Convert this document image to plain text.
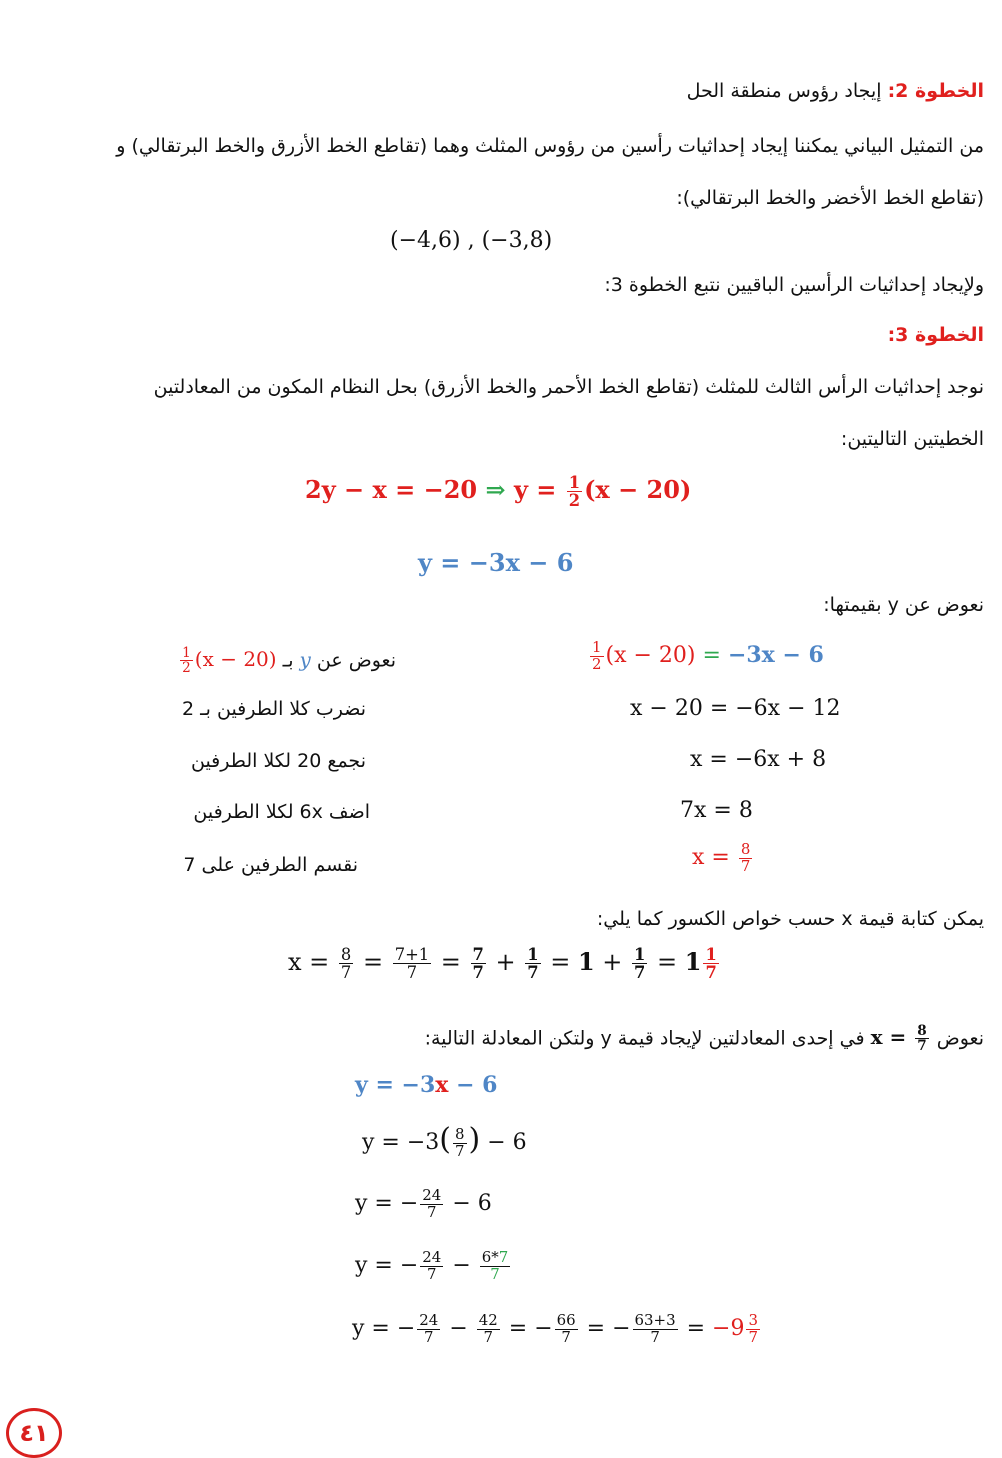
الخطوة 2: إيجاد رؤوس منطقة الحل
من التمثيل البياني يمكننا إيجاد إحداثيات رأسين من رؤوس المثلث وهما (تقاطع الخط الأزرق والخط البرتقالي) و
(تقاطع الخط الأخضر والخط البرتقالي):
(−4,6) , (−3,8)
ولإيجاد إحداثيات الرأسين الباقيين نتبع الخطوة 3:
الخطوة 3:
نوجد إحداثيات الرأس الثالث للمثلث (تقاطع الخط الأحمر والخط الأزرق) بحل النظام المكون من المعادلتين
الخطيتين التاليتين:
2y − x = −20 ⇒ $y = \frac{1}{2} (x - 20)$
y = −3x − 6
نعوض عن y بقيمتها:
نعوض عن y بـ
$\frac{1}{2} (x - 20)$	$\frac{1}{2} (x - 20) = -3x - 6$
نضرب كلا الطرفين بـ 2	x − 20 = −6x − 12
نجمع 20 لكلا الطرفين	x = −6x + 8
اضف 6x لكلا الطرفين	7x = 8
نقسم الطرفين على 7	$x = \frac{8}{7}$
يمكن كتابة قيمة x حسب خواص الكسور كما يلي:
$x = \frac{8}{7} = \frac{7+1}{7} = \frac{7}{7} + \frac{1}{7} = 1 + \frac{1}{7} = 1 \frac{1}{7}$
نعوض $x = \frac{8}{7}$
في إحدى المعادلتين لإيجاد قيمة y ولتكن المعادلة التالية:
y = −3x − 6
$y = -3( \frac{8}{7}$ ) − 6
y = − $\frac{24}{7} - 6$
y = − $\frac{24}{7} - \frac{6*7}{7}$
y = − $\frac{24}{7} - \frac{42}{7}$ = − $\frac{66}{7}$ = − $\frac{63+3}{7} = -9 \frac{3}{7}$
٤١
